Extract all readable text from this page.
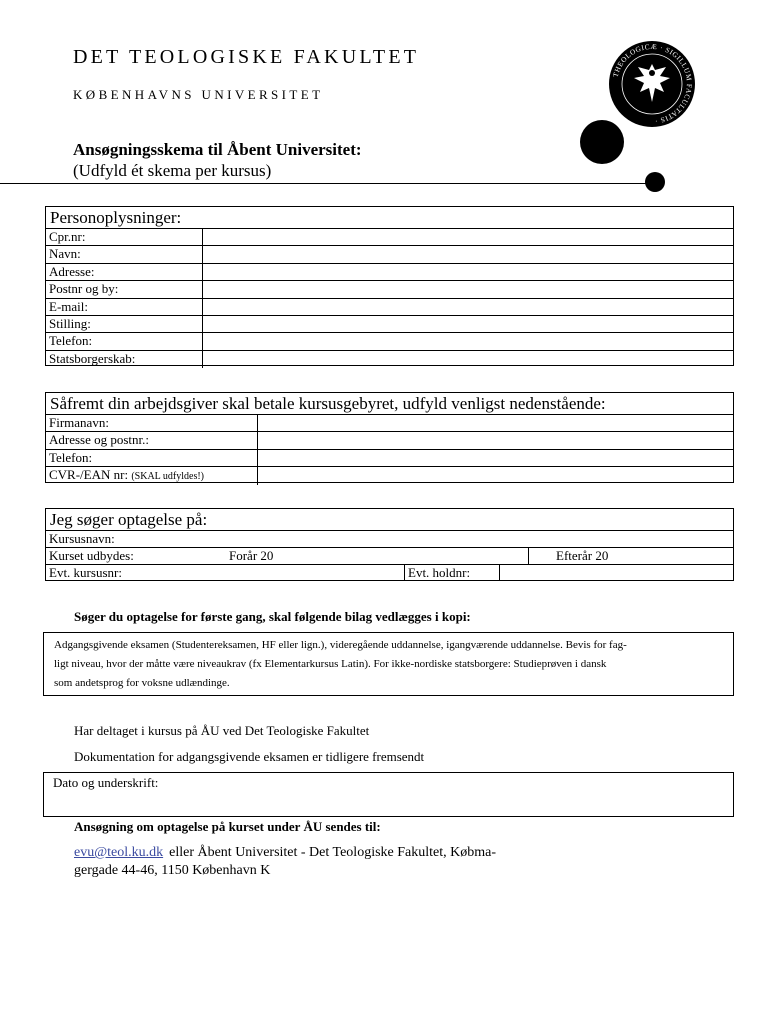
DET TEOLOGISKE FAKULTET
KØBENHAVNS UNIVERSITET
THEOLOGICÆ · SIGILLUM FACULTATIS ·
Ansøgningsskema til Åbent Universitet:
(Udfyld ét skema per kursus)
Personoplysninger:
Cpr.nr:
Navn:
Adresse:
Postnr og by:
E-mail:
Stilling:
Telefon:
Statsborgerskab:
Såfremt din arbejdsgiver skal betale kursusgebyret, udfyld venligst nedenstående:
Firmanavn:
Adresse og postnr.:
Telefon:
CVR-/EAN nr: (SKAL udfyldes!)
Jeg søger optagelse på:
Kursusnavn:
Kurset udbydes:	Forår 20	Efterår 20
Evt. kursusnr:	Evt. holdnr:
Søger du optagelse for første gang, skal følgende bilag vedlægges i kopi:
Adgangsgivende eksamen (Studentereksamen, HF eller lign.), videregående uddannelse, igangværende uddannelse. Bevis for fag-
ligt niveau, hvor der måtte være niveaukrav (fx Elementarkursus Latin). For ikke-nordiske statsborgere: Studieprøven i dansk
som andetsprog for voksne udlændinge.
Har deltaget i kursus på ÅU ved Det Teologiske Fakultet
Dokumentation for adgangsgivende eksamen er tidligere fremsendt
Dato og underskrift:
Ansøgning om optagelse på kurset under ÅU sendes til:
evu@teol.ku.dk eller Åbent Universitet - Det Teologiske Fakultet, Købma-
gergade 44-46, 1150 København K
